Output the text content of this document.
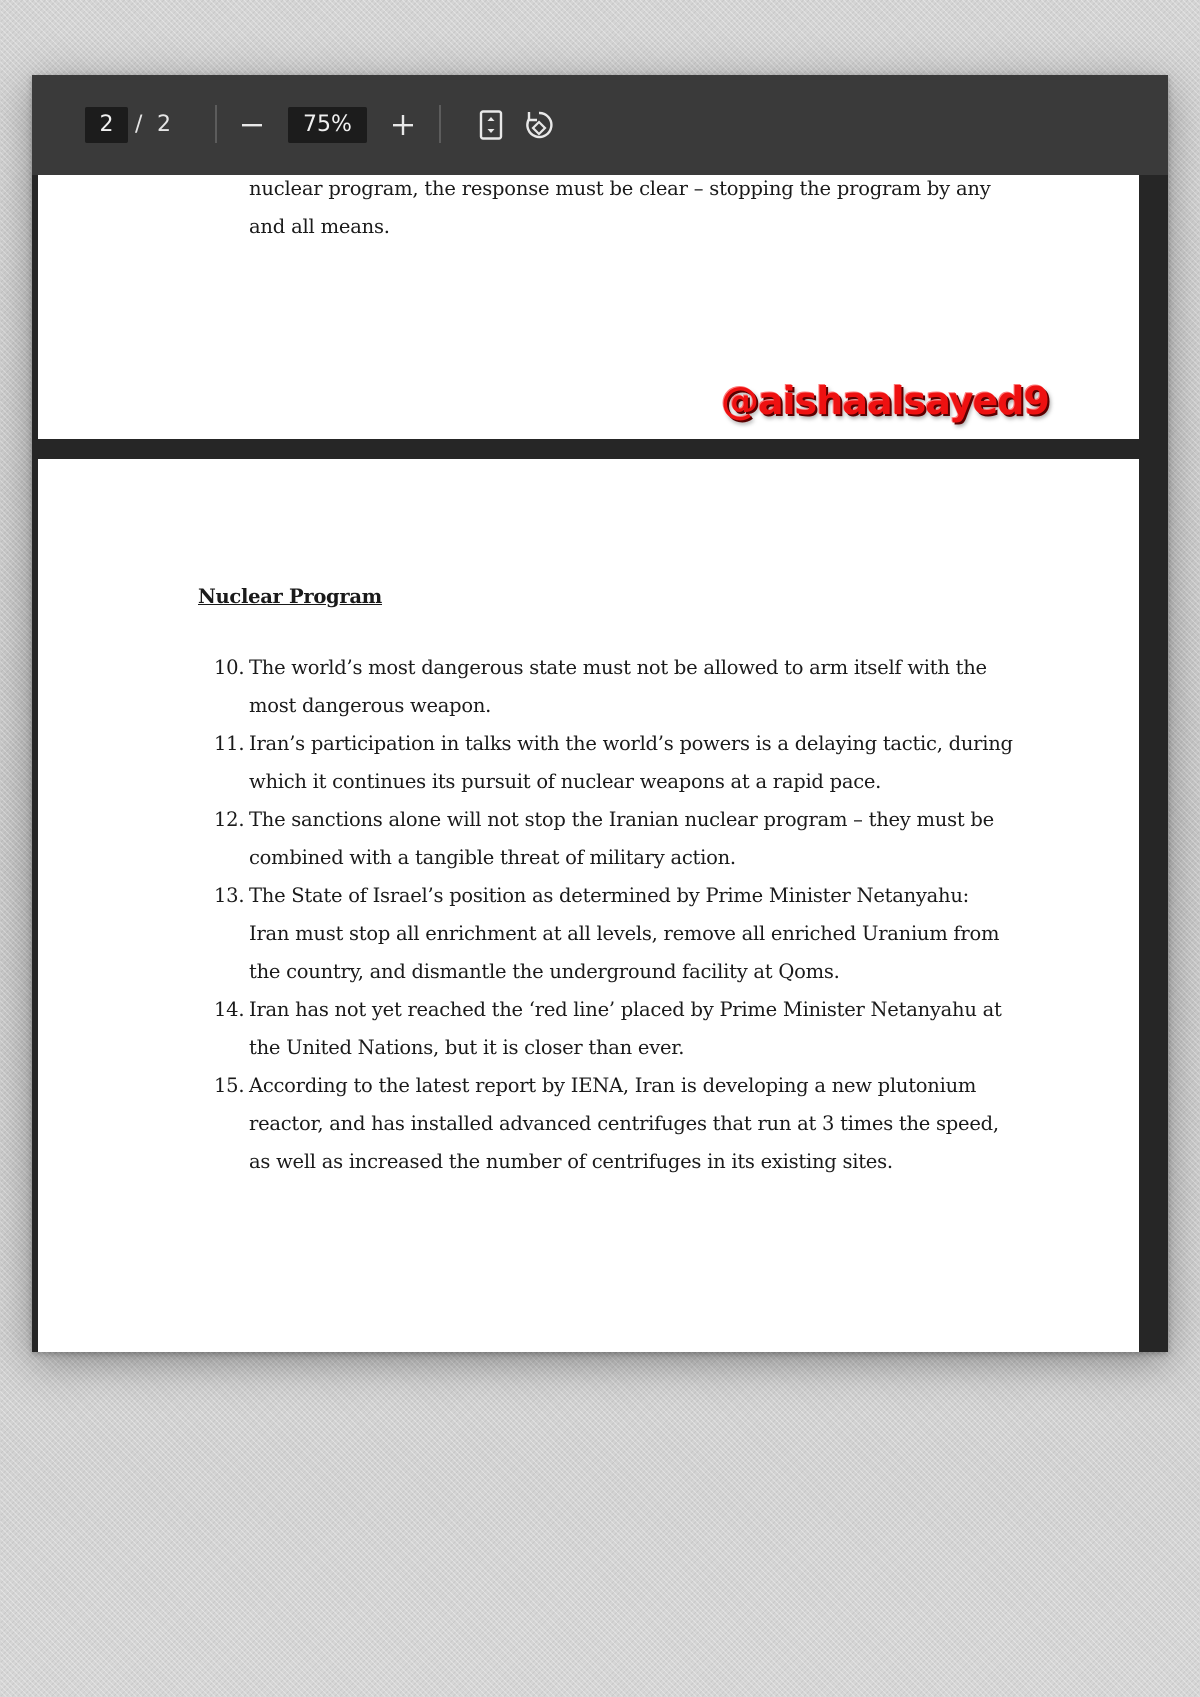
2 / 2	75%
nuclear program, the response must be clear – stopping the program by any and all means.
@aishaalsayed9
Nuclear Program
10. The world’s most dangerous state must not be allowed to arm itself with the most dangerous weapon.
11. Iran’s participation in talks with the world’s powers is a delaying tactic, during which it continues its pursuit of nuclear weapons at a rapid pace.
12. The sanctions alone will not stop the Iranian nuclear program – they must be combined with a tangible threat of military action.
13. The State of Israel’s position as determined by Prime Minister Netanyahu: Iran must stop all enrichment at all levels, remove all enriched Uranium from the country, and dismantle the underground facility at Qoms.
14. Iran has not yet reached the ‘red line’ placed by Prime Minister Netanyahu at the United Nations, but it is closer than ever.
15. According to the latest report by IENA, Iran is developing a new plutonium reactor, and has installed advanced centrifuges that run at 3 times the speed, as well as increased the number of centrifuges in its existing sites.
